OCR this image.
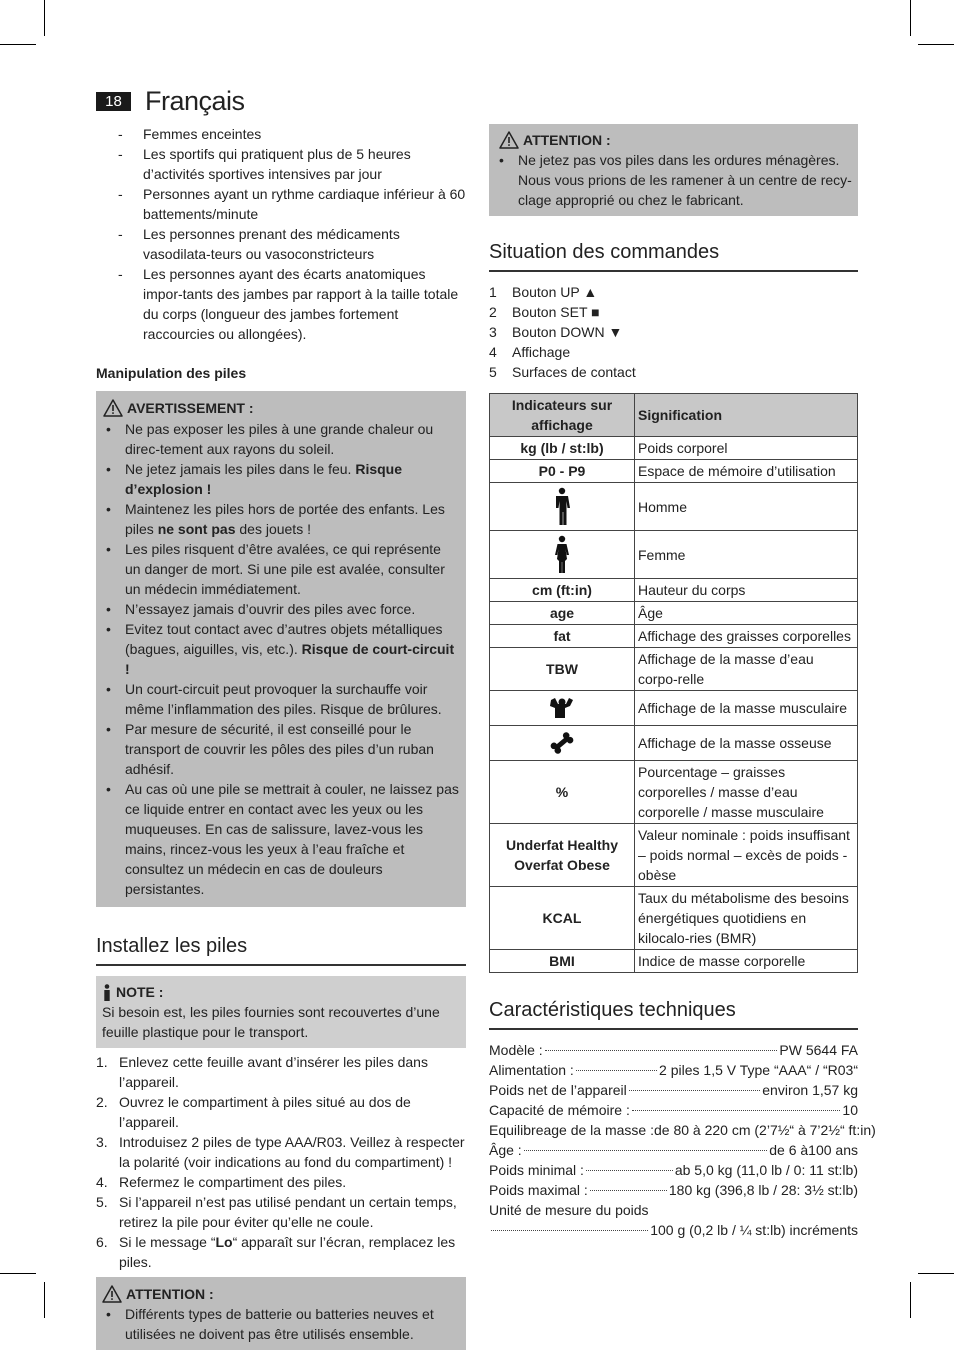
18 Français
- Femmes enceintes
- Les sportifs qui pratiquent plus de 5 heures d’activités sportives intensives par jour
- Personnes ayant un rythme cardiaque inférieur à 60 battements/minute
- Les personnes prenant des médicaments vasodilata-teurs ou vasoconstricteurs
- Les personnes ayant des écarts anatomiques impor-tants des jambes par rapport à la taille totale du corps (longueur des jambes fortement raccourcies ou allongées).
Manipulation des piles
AVERTISSEMENT :
• Ne pas exposer les piles à une grande chaleur ou direc-tement aux rayons du soleil.
• Ne jetez jamais les piles dans le feu. Risque d’explosion !
• Maintenez les piles hors de portée des enfants. Les piles ne sont pas des jouets !
• Les piles risquent d’être avalées, ce qui représente un danger de mort. Si une pile est avalée, consulter un médecin immédiatement.
• N’essayez jamais d’ouvrir des piles avec force.
• Evitez tout contact avec d’autres objets métalliques (bagues, aiguilles, vis, etc.). Risque de court-circuit !
• Un court-circuit peut provoquer la surchauffe voir même l’inflammation des piles. Risque de brûlures.
• Par mesure de sécurité, il est conseillé pour le transport de couvrir les pôles des piles d’un ruban adhésif.
• Au cas où une pile se mettrait à couler, ne laissez pas ce liquide entrer en contact avec les yeux ou les muqueuses. En cas de salissure, lavez-vous les mains, rincez-vous les yeux à l’eau fraîche et consultez un médecin en cas de douleurs persistantes.
Installez les piles
NOTE :
Si besoin est, les piles fournies sont recouvertes d’une feuille plastique pour le transport.
1. Enlevez cette feuille avant d’insérer les piles dans l’appareil.
2. Ouvrez le compartiment à piles situé au dos de l’appareil.
3. Introduisez 2 piles de type AAA/R03. Veillez à respecter la polarité (voir indications au fond du compartiment) !
4. Refermez le compartiment des piles.
5. Si l’appareil n’est pas utilisé pendant un certain temps, retirez la pile pour éviter qu’elle ne coule.
6. Si le message “Lo“ apparaît sur l’écran, remplacez les piles.
ATTENTION :
• Différents types de batterie ou batteries neuves et utilisées ne doivent pas être utilisés ensemble.
ATTENTION :
• Ne jetez pas vos piles dans les ordures ménagères. Nous vous prions de les ramener à un centre de recy-clage approprié ou chez le fabricant.
Situation des commandes
1	Bouton UP ▲
2	Bouton SET ■
3	Bouton DOWN ▼
4	Affichage
5	Surfaces de contact
Indicateurs sur affichage	Signification
kg (lb / st:lb)	Poids corporel
P0 - P9	Espace de mémoire d’utilisation

	Homme

	Femme
cm (ft:in)	Hauteur du corps
age	Âge
fat	Affichage des graisses corporelles
TBW	Affichage de la masse d’eau corpo-relle

	Affichage de la masse musculaire

	Affichage de la masse osseuse
%	Pourcentage – graisses corporelles / masse d’eau corporelle / masse musculaire
Underfat Healthy Overfat Obese	Valeur nominale : poids insuffisant – poids normal – excès de poids - obèse
KCAL	Taux du métabolisme des besoins énergétiques quotidiens en kilocalo-ries (BMR)
BMI	Indice de masse corporelle
Caractéristiques techniques
Modèle :	PW 5644 FA
Alimentation :	2 piles 1,5 V Type “AAA“ / “R03“
Poids net de l’appareil	environ 1,57 kg
Capacité de mémoire :	10
Equilibreage de la masse :de 80 à 220 cm (2’7½“ à 7’2½“ ft:in)
Âge :	de 6 à100 ans
Poids minimal :	ab 5,0 kg (11,0 lb / 0: 11 st:lb)
Poids maximal :	180 kg (396,8 lb / 28: 3½ st:lb)
Unité de mesure du poids
100 g (0,2 lb / ¼ st:lb) incréments
